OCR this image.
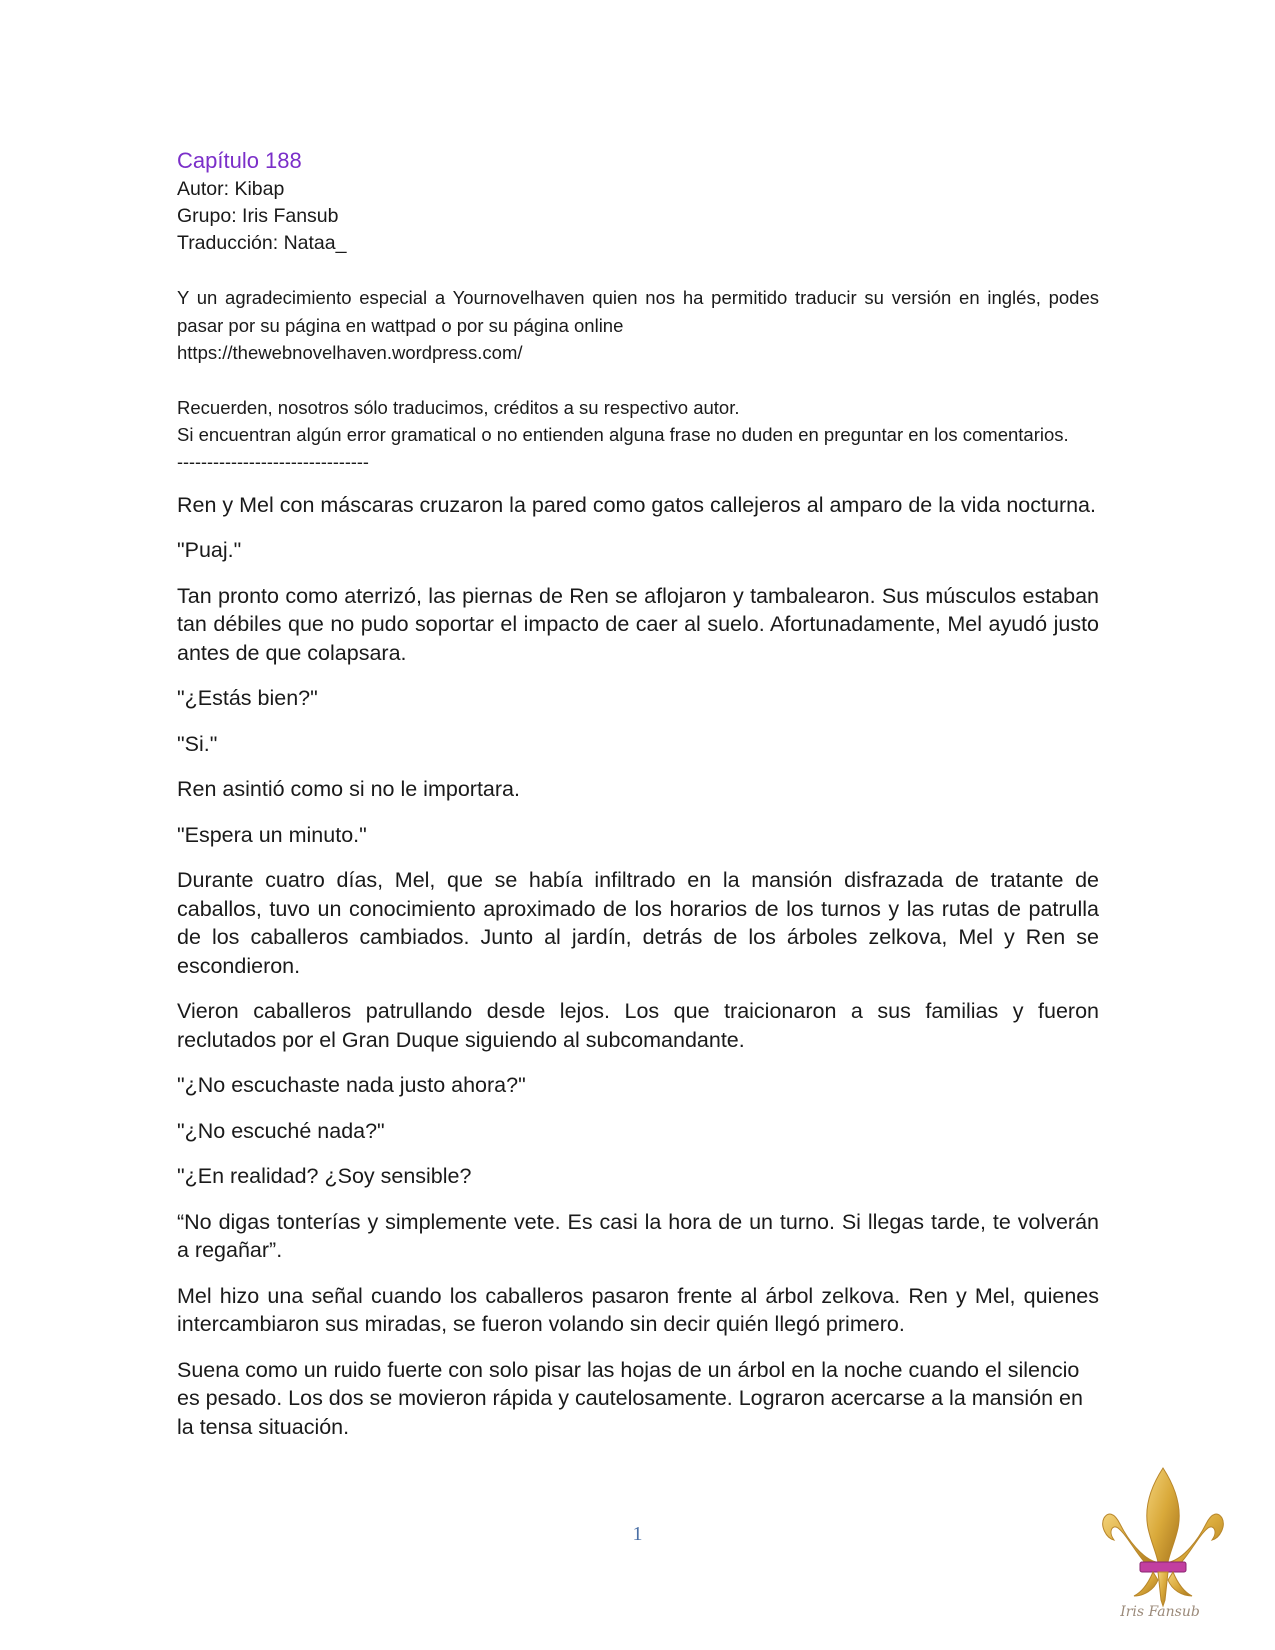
Capítulo 188

Autor: Kibap

Grupo: Iris Fansub

Traducción: Nataa_

Y un agradecimiento especial a Yournovelhaven quien nos ha permitido traducir su versión en inglés, podes pasar por su página en wattpad o por su página online

https://thewebnovelhaven.wordpress.com/

Recuerden, nosotros sólo traducimos, créditos a su respectivo autor.

Si encuentran algún error gramatical o no entienden alguna frase no duden en preguntar en los comentarios.

--------------------------------

Ren y Mel con máscaras cruzaron la pared como gatos callejeros al amparo de la vida nocturna.

"Puaj."

Tan pronto como aterrizó, las piernas de Ren se aflojaron y tambalearon. Sus músculos estaban tan débiles que no pudo soportar el impacto de caer al suelo. Afortunadamente, Mel ayudó justo antes de que colapsara.

"¿Estás bien?"

"Si."

Ren asintió como si no le importara.

"Espera un minuto."

Durante cuatro días, Mel, que se había infiltrado en la mansión disfrazada de tratante de caballos, tuvo un conocimiento aproximado de los horarios de los turnos y las rutas de patrulla de los caballeros cambiados. Junto al jardín, detrás de los árboles zelkova, Mel y Ren se escondieron.

Vieron caballeros patrullando desde lejos. Los que traicionaron a sus familias y fueron reclutados por el Gran Duque siguiendo al subcomandante.

"¿No escuchaste nada justo ahora?"

"¿No escuché nada?"

"¿En realidad? ¿Soy sensible?

“No digas tonterías y simplemente vete. Es casi la hora de un turno. Si llegas tarde, te volverán a regañar”.

Mel hizo una señal cuando los caballeros pasaron frente al árbol zelkova. Ren y Mel, quienes intercambiaron sus miradas, se fueron volando sin decir quién llegó primero.

Suena como un ruido fuerte con solo pisar las hojas de un árbol en la noche cuando el silencio es pesado. Los dos se movieron rápida y cautelosamente. Lograron acercarse a la mansión en la tensa situación.

1
Iris Fansub
